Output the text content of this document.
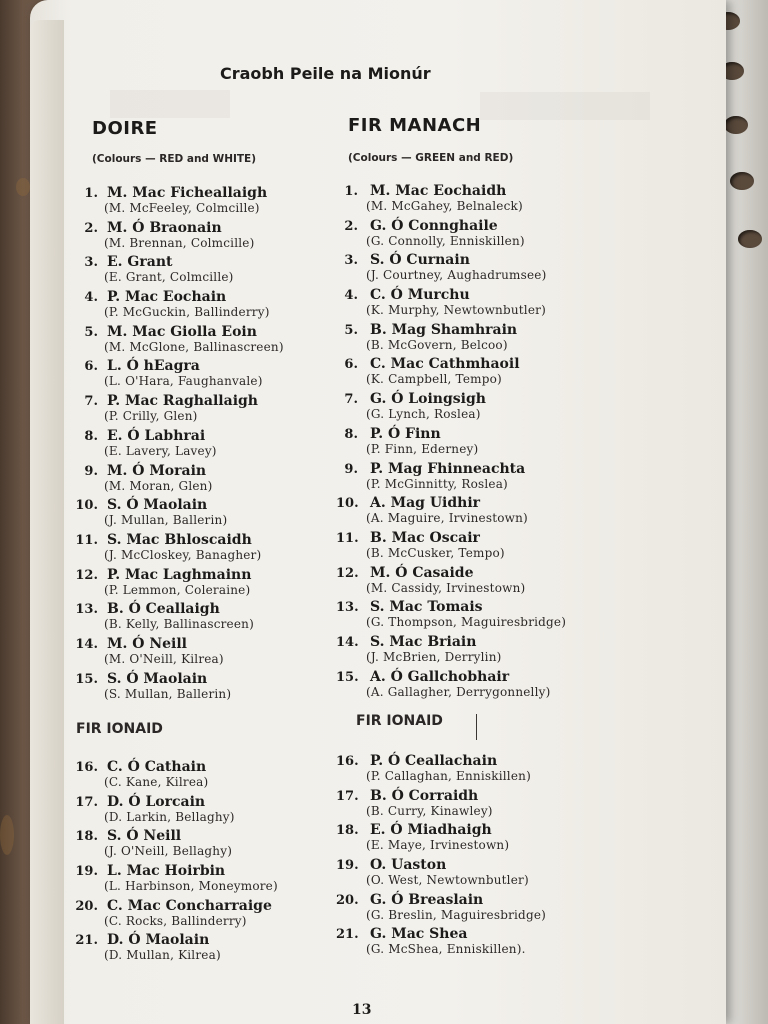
Craobh Peile na Mionúr
DOIRE
(Colours — RED and WHITE)
1. M. Mac Ficheallaigh
(M. McFeeley, Colmcille)
2. M. Ó Braonain
(M. Brennan, Colmcille)
3. E. Grant
(E. Grant, Colmcille)
4. P. Mac Eochain
(P. McGuckin, Ballinderry)
5. M. Mac Giolla Eoin
(M. McGlone, Ballinascreen)
6. L. Ó hEagra
(L. O'Hara, Faughanvale)
7. P. Mac Raghallaigh
(P. Crilly, Glen)
8. E. Ó Labhrai
(E. Lavery, Lavey)
9. M. Ó Morain
(M. Moran, Glen)
10. S. Ó Maolain
(J. Mullan, Ballerin)
11. S. Mac Bhloscaidh
(J. McCloskey, Banagher)
12. P. Mac Laghmainn
(P. Lemmon, Coleraine)
13. B. Ó Ceallaigh
(B. Kelly, Ballinascreen)
14. M. Ó Neill
(M. O'Neill, Kilrea)
15. S. Ó Maolain
(S. Mullan, Ballerin)
FIR IONAID
16. C. Ó Cathain
(C. Kane, Kilrea)
17. D. Ó Lorcain
(D. Larkin, Bellaghy)
18. S. Ó Neill
(J. O'Neill, Bellaghy)
19. L. Mac Hoirbin
(L. Harbinson, Moneymore)
20. C. Mac Concharraige
(C. Rocks, Ballinderry)
21. D. Ó Maolain
(D. Mullan, Kilrea)
FIR MANACH
(Colours — GREEN and RED)
1. M. Mac Eochaidh
(M. McGahey, Belnaleck)
2. G. Ó Connghaile
(G. Connolly, Enniskillen)
3. S. Ó Curnain
(J. Courtney, Aughadrumsee)
4. C. Ó Murchu
(K. Murphy, Newtownbutler)
5. B. Mag Shamhrain
(B. McGovern, Belcoo)
6. C. Mac Cathmhaoil
(K. Campbell, Tempo)
7. G. Ó Loingsigh
(G. Lynch, Roslea)
8. P. Ó Finn
(P. Finn, Ederney)
9. P. Mag Fhinneachta
(P. McGinnitty, Roslea)
10. A. Mag Uidhir
(A. Maguire, Irvinestown)
11. B. Mac Oscair
(B. McCusker, Tempo)
12. M. Ó Casaide
(M. Cassidy, Irvinestown)
13. S. Mac Tomais
(G. Thompson, Maguiresbridge)
14. S. Mac Briain
(J. McBrien, Derrylin)
15. A. Ó Gallchobhair
(A. Gallagher, Derrygonnelly)
FIR IONAID
16. P. Ó Ceallachain
(P. Callaghan, Enniskillen)
17. B. Ó Corraidh
(B. Curry, Kinawley)
18. E. Ó Miadhaigh
(E. Maye, Irvinestown)
19. O. Uaston
(O. West, Newtownbutler)
20. G. Ó Breaslain
(G. Breslin, Maguiresbridge)
21. G. Mac Shea
(G. McShea, Enniskillen).
13
